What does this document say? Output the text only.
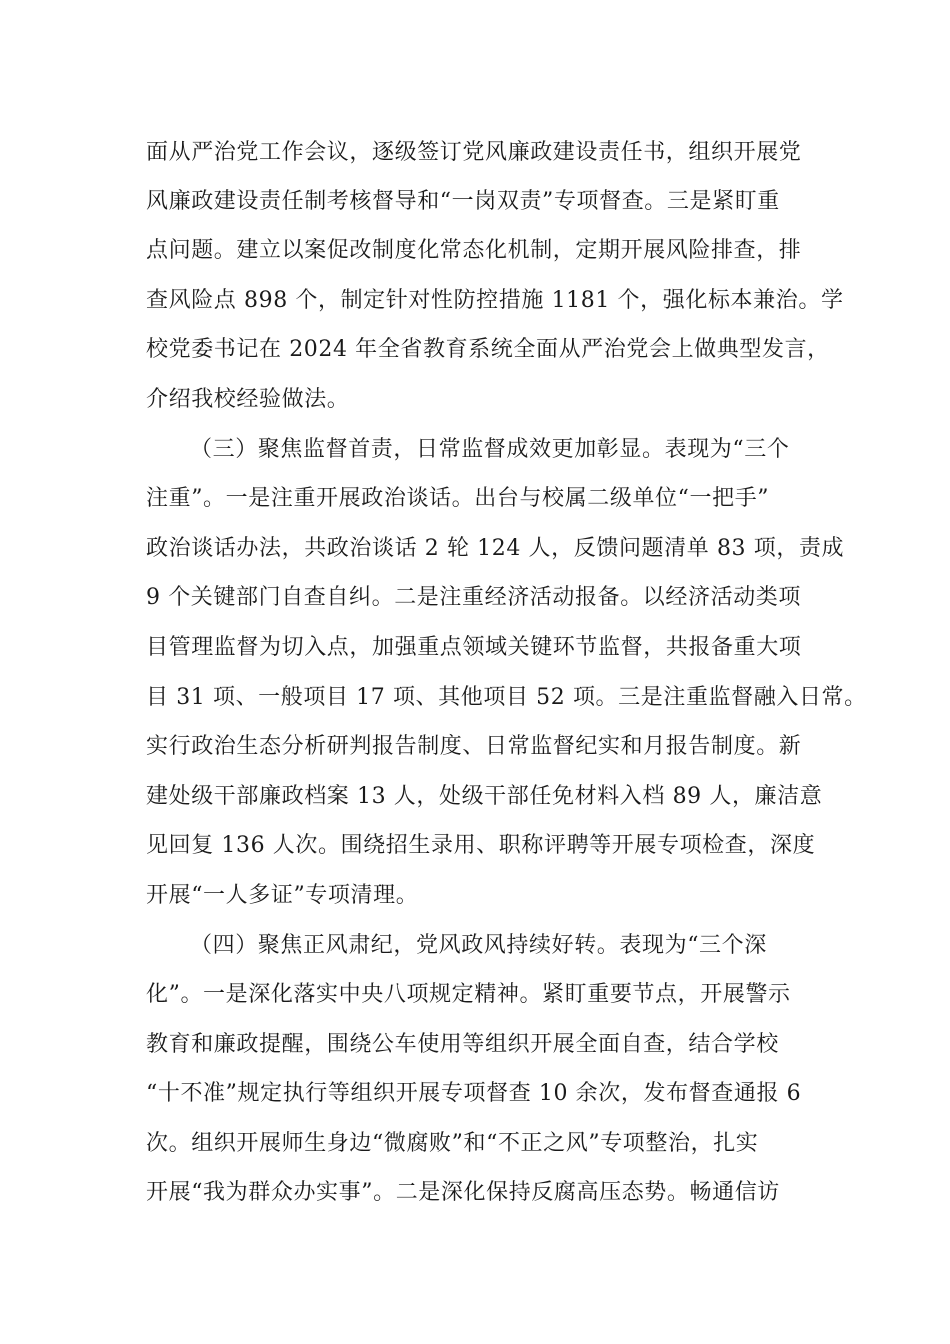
面从严治党工作会议，逐级签订党风廉政建设责任书，组织开展党
风廉政建设责任制考核督导和“一岗双责”专项督查。三是紧盯重
点问题。建立以案促改制度化常态化机制，定期开展风险排查，排
查风险点 898 个，制定针对性防控措施 1181 个，强化标本兼治。学
校党委书记在 2024 年全省教育系统全面从严治党会上做典型发言，
介绍我校经验做法。
（三）聚焦监督首责，日常监督成效更加彰显。表现为“三个
注重”。一是注重开展政治谈话。出台与校属二级单位“一把手”
政治谈话办法，共政治谈话 2 轮 124 人，反馈问题清单 83 项，责成
9 个关键部门自查自纠。二是注重经济活动报备。以经济活动类项
目管理监督为切入点，加强重点领域关键环节监督，共报备重大项
目 31 项、一般项目 17 项、其他项目 52 项。三是注重监督融入日常。
实行政治生态分析研判报告制度、日常监督纪实和月报告制度。新
建处级干部廉政档案 13 人，处级干部任免材料入档 89 人，廉洁意
见回复 136 人次。围绕招生录用、职称评聘等开展专项检查，深度
开展“一人多证”专项清理。
（四）聚焦正风肃纪，党风政风持续好转。表现为“三个深
化”。一是深化落实中央八项规定精神。紧盯重要节点，开展警示
教育和廉政提醒，围绕公车使用等组织开展全面自查，结合学校
“十不准”规定执行等组织开展专项督查 10 余次，发布督查通报 6
次。组织开展师生身边“微腐败”和“不正之风”专项整治，扎实
开展“我为群众办实事”。二是深化保持反腐高压态势。畅通信访
